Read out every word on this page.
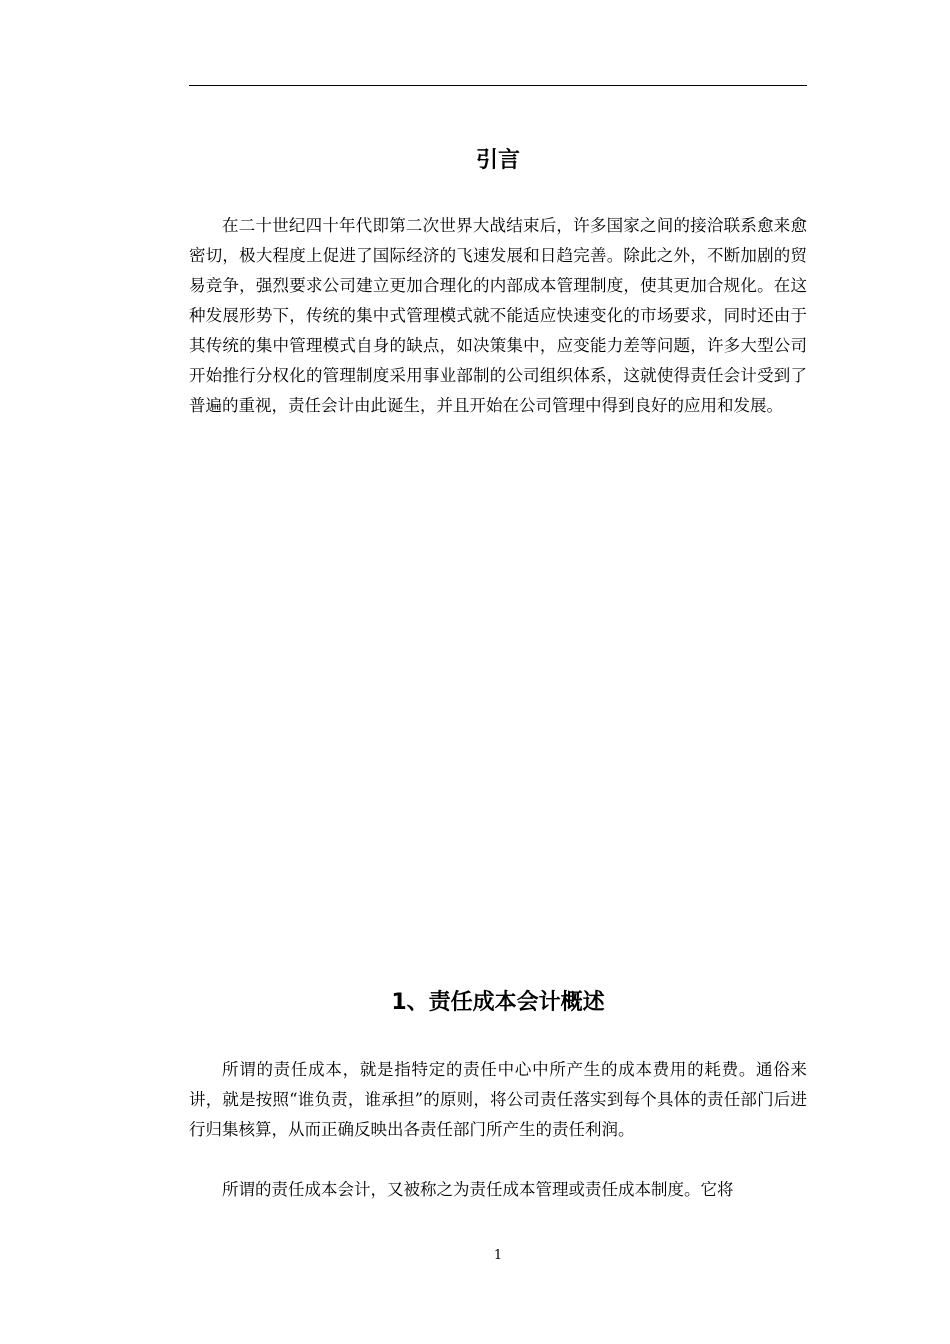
引言

在二十世纪四十年代即第二次世界大战结束后，许多国家之间的接洽联系愈来愈密切，极大程度上促进了国际经济的飞速发展和日趋完善。除此之外，不断加剧的贸易竞争，强烈要求公司建立更加合理化的内部成本管理制度，使其更加合规化。在这种发展形势下，传统的集中式管理模式就不能适应快速变化的市场要求，同时还由于其传统的集中管理模式自身的缺点，如决策集中，应变能力差等问题，许多大型公司开始推行分权化的管理制度采用事业部制的公司组织体系，这就使得责任会计受到了普遍的重视，责任会计由此诞生，并且开始在公司管理中得到良好的应用和发展。

1、责任成本会计概述

所谓的责任成本，就是指特定的责任中心中所产生的成本费用的耗费。通俗来讲，就是按照“谁负责，谁承担”的原则，将公司责任落实到每个具体的责任部门后进行归集核算，从而正确反映出各责任部门所产生的责任利润。

所谓的责任成本会计，又被称之为责任成本管理或责任成本制度。它将

1
